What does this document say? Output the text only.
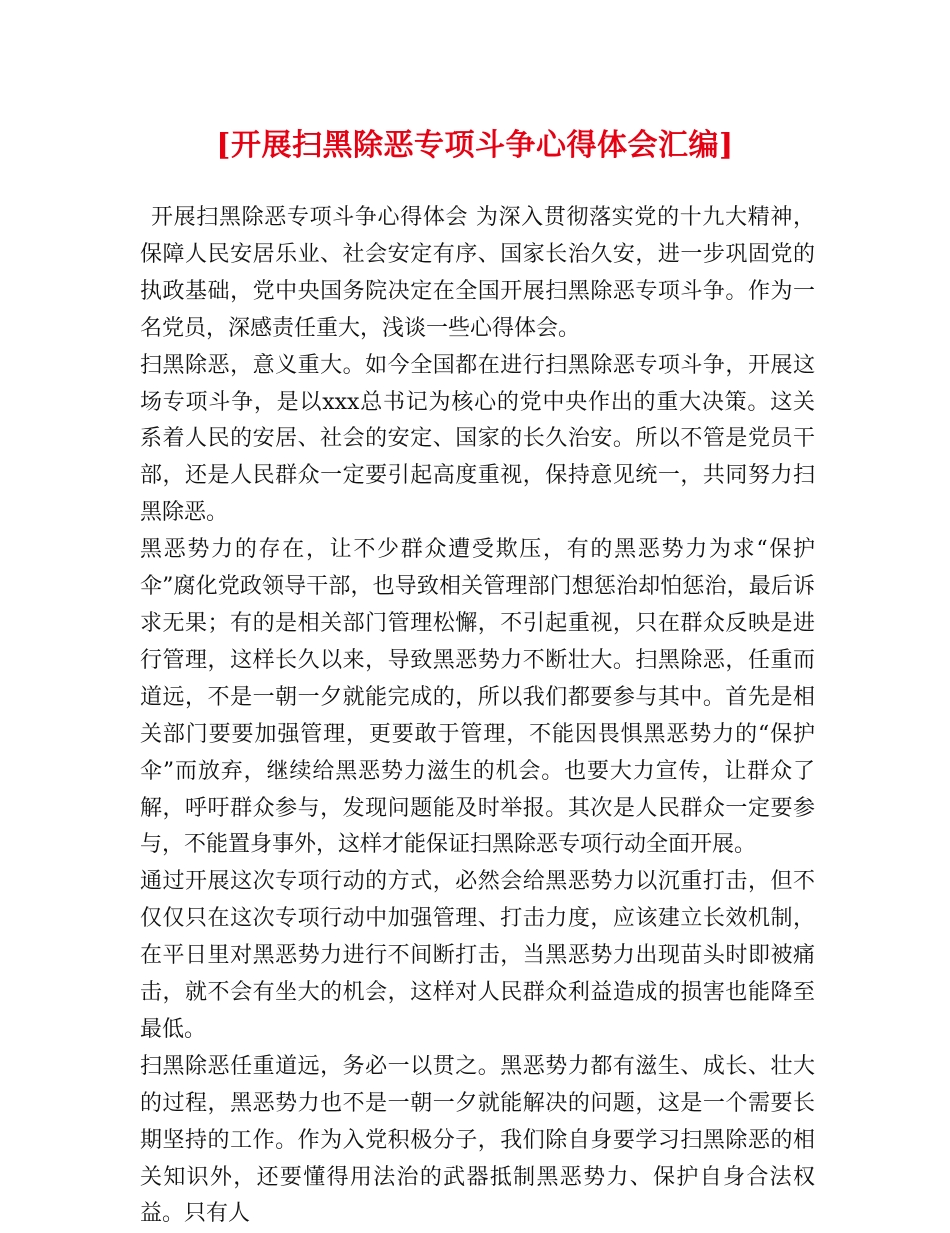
[开展扫黑除恶专项斗争心得体会汇编]

开展扫黑除恶专项斗争心得体会 为深入贯彻落实党的十九大精神，保障人民安居乐业、社会安定有序、国家长治久安，进一步巩固党的执政基础，党中央国务院决定在全国开展扫黑除恶专项斗争。作为一名党员，深感责任重大，浅谈一些心得体会。

扫黑除恶，意义重大。如今全国都在进行扫黑除恶专项斗争，开展这场专项斗争，是以xxx总书记为核心的党中央作出的重大决策。这关系着人民的安居、社会的安定、国家的长久治安。所以不管是党员干部，还是人民群众一定要引起高度重视，保持意见统一，共同努力扫黑除恶。

黑恶势力的存在，让不少群众遭受欺压，有的黑恶势力为求“保护伞”腐化党政领导干部，也导致相关管理部门想惩治却怕惩治，最后诉求无果；有的是相关部门管理松懈，不引起重视，只在群众反映是进行管理，这样长久以来，导致黑恶势力不断壮大。扫黑除恶，任重而道远，不是一朝一夕就能完成的，所以我们都要参与其中。首先是相关部门要要加强管理，更要敢于管理，不能因畏惧黑恶势力的“保护伞”而放弃，继续给黑恶势力滋生的机会。也要大力宣传，让群众了解，呼吁群众参与，发现问题能及时举报。其次是人民群众一定要参与，不能置身事外，这样才能保证扫黑除恶专项行动全面开展。

通过开展这次专项行动的方式，必然会给黑恶势力以沉重打击，但不仅仅只在这次专项行动中加强管理、打击力度，应该建立长效机制，在平日里对黑恶势力进行不间断打击，当黑恶势力出现苗头时即被痛击，就不会有坐大的机会，这样对人民群众利益造成的损害也能降至最低。

扫黑除恶任重道远，务必一以贯之。黑恶势力都有滋生、成长、壮大的过程，黑恶势力也不是一朝一夕就能解决的问题，这是一个需要长期坚持的工作。作为入党积极分子，我们除自身要学习扫黑除恶的相关知识外，还要懂得用法治的武器抵制黑恶势力、保护自身合法权益。只有人
